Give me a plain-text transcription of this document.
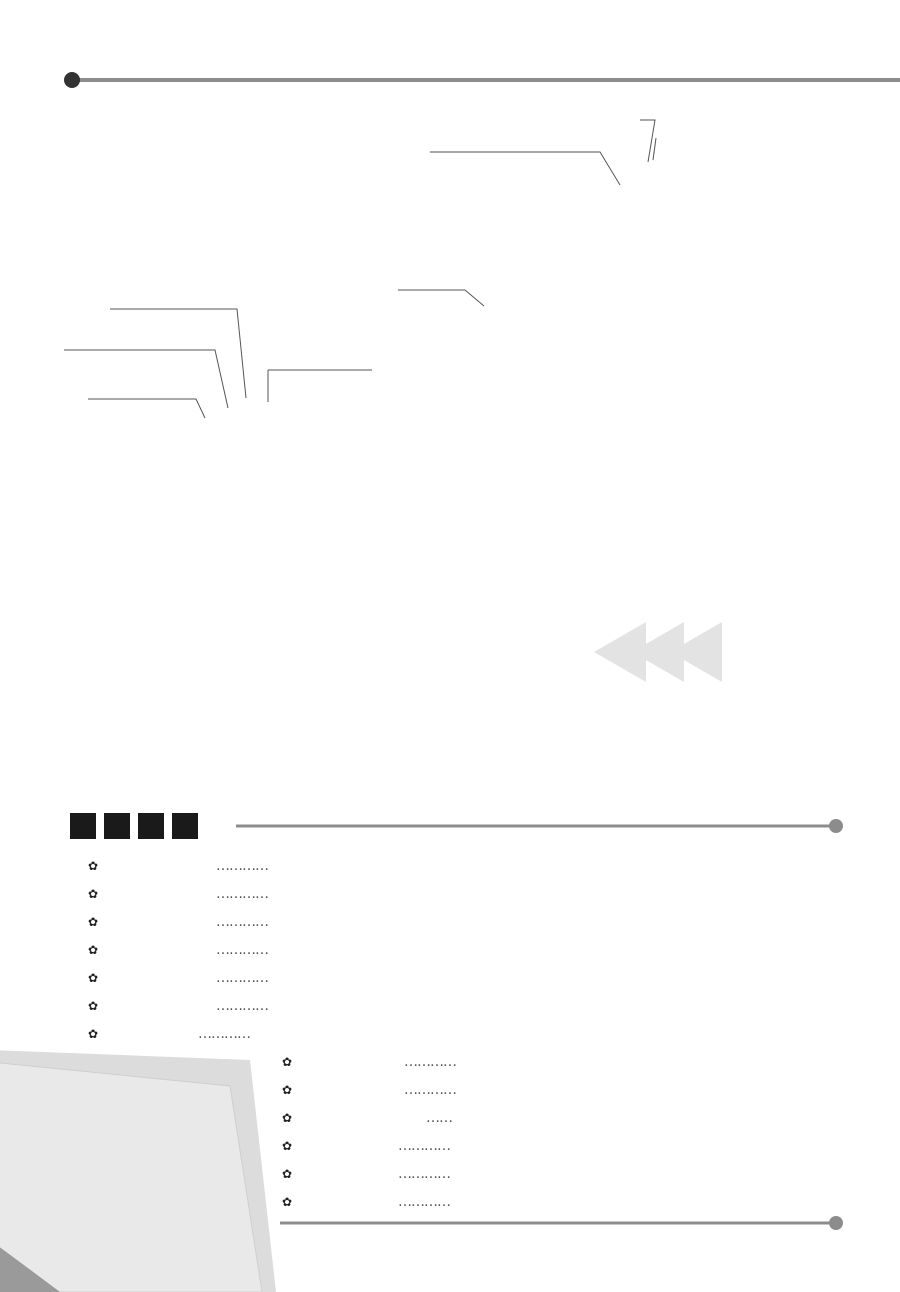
✿	…………
✿	…………
✿	…………
✿	…………
✿	…………
✿	…………
✿	…………
✿	…………
✿	…………
✿	……
✿	…………
✿	…………
✿	…………
